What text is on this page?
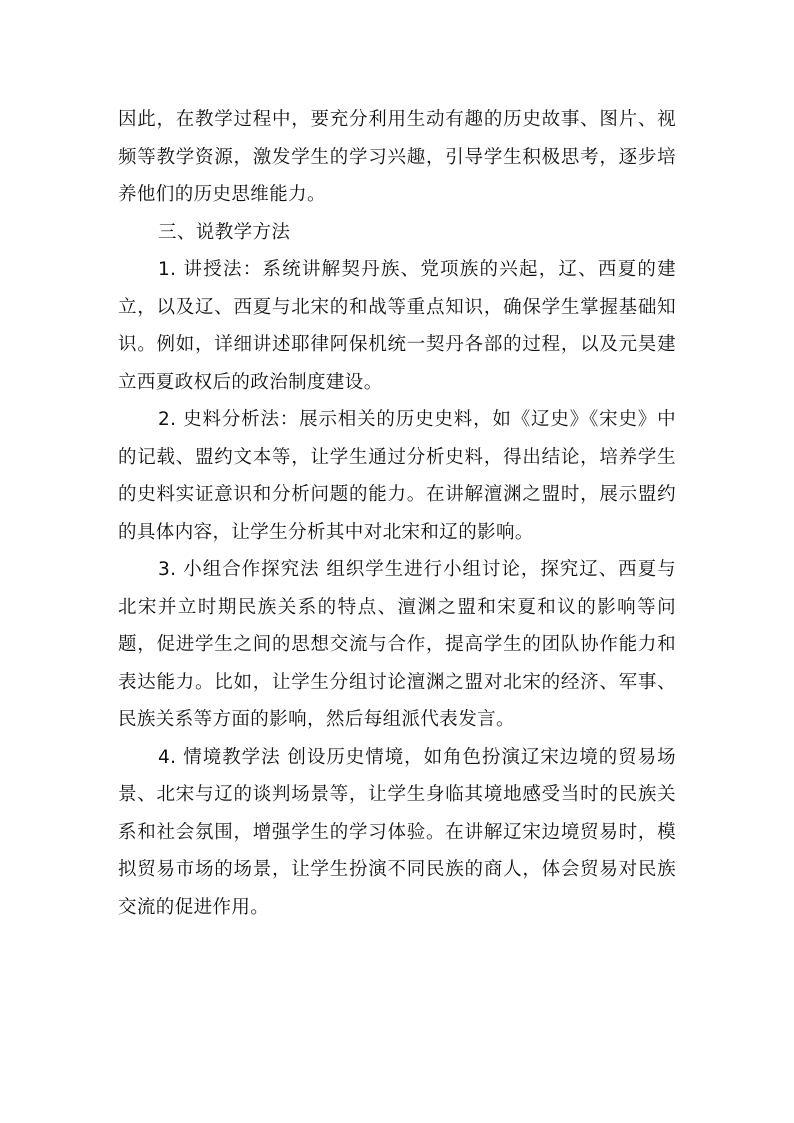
因此，在教学过程中，要充分利用生动有趣的历史故事、图片、视频等教学资源，激发学生的学习兴趣，引导学生积极思考，逐步培养他们的历史思维能力。

三、说教学方法

1. 讲授法：系统讲解契丹族、党项族的兴起，辽、西夏的建立，以及辽、西夏与北宋的和战等重点知识，确保学生掌握基础知识。例如，详细讲述耶律阿保机统一契丹各部的过程，以及元昊建立西夏政权后的政治制度建设。

2. 史料分析法：展示相关的历史史料，如《辽史》《宋史》中的记载、盟约文本等，让学生通过分析史料，得出结论，培养学生的史料实证意识和分析问题的能力。在讲解澶渊之盟时，展示盟约的具体内容，让学生分析其中对北宋和辽的影响。

3. 小组合作探究法 组织学生进行小组讨论，探究辽、西夏与北宋并立时期民族关系的特点、澶渊之盟和宋夏和议的影响等问题，促进学生之间的思想交流与合作，提高学生的团队协作能力和表达能力。比如，让学生分组讨论澶渊之盟对北宋的经济、军事、民族关系等方面的影响，然后每组派代表发言。

4. 情境教学法 创设历史情境，如角色扮演辽宋边境的贸易场景、北宋与辽的谈判场景等，让学生身临其境地感受当时的民族关系和社会氛围，增强学生的学习体验。在讲解辽宋边境贸易时，模拟贸易市场的场景，让学生扮演不同民族的商人，体会贸易对民族交流的促进作用。
